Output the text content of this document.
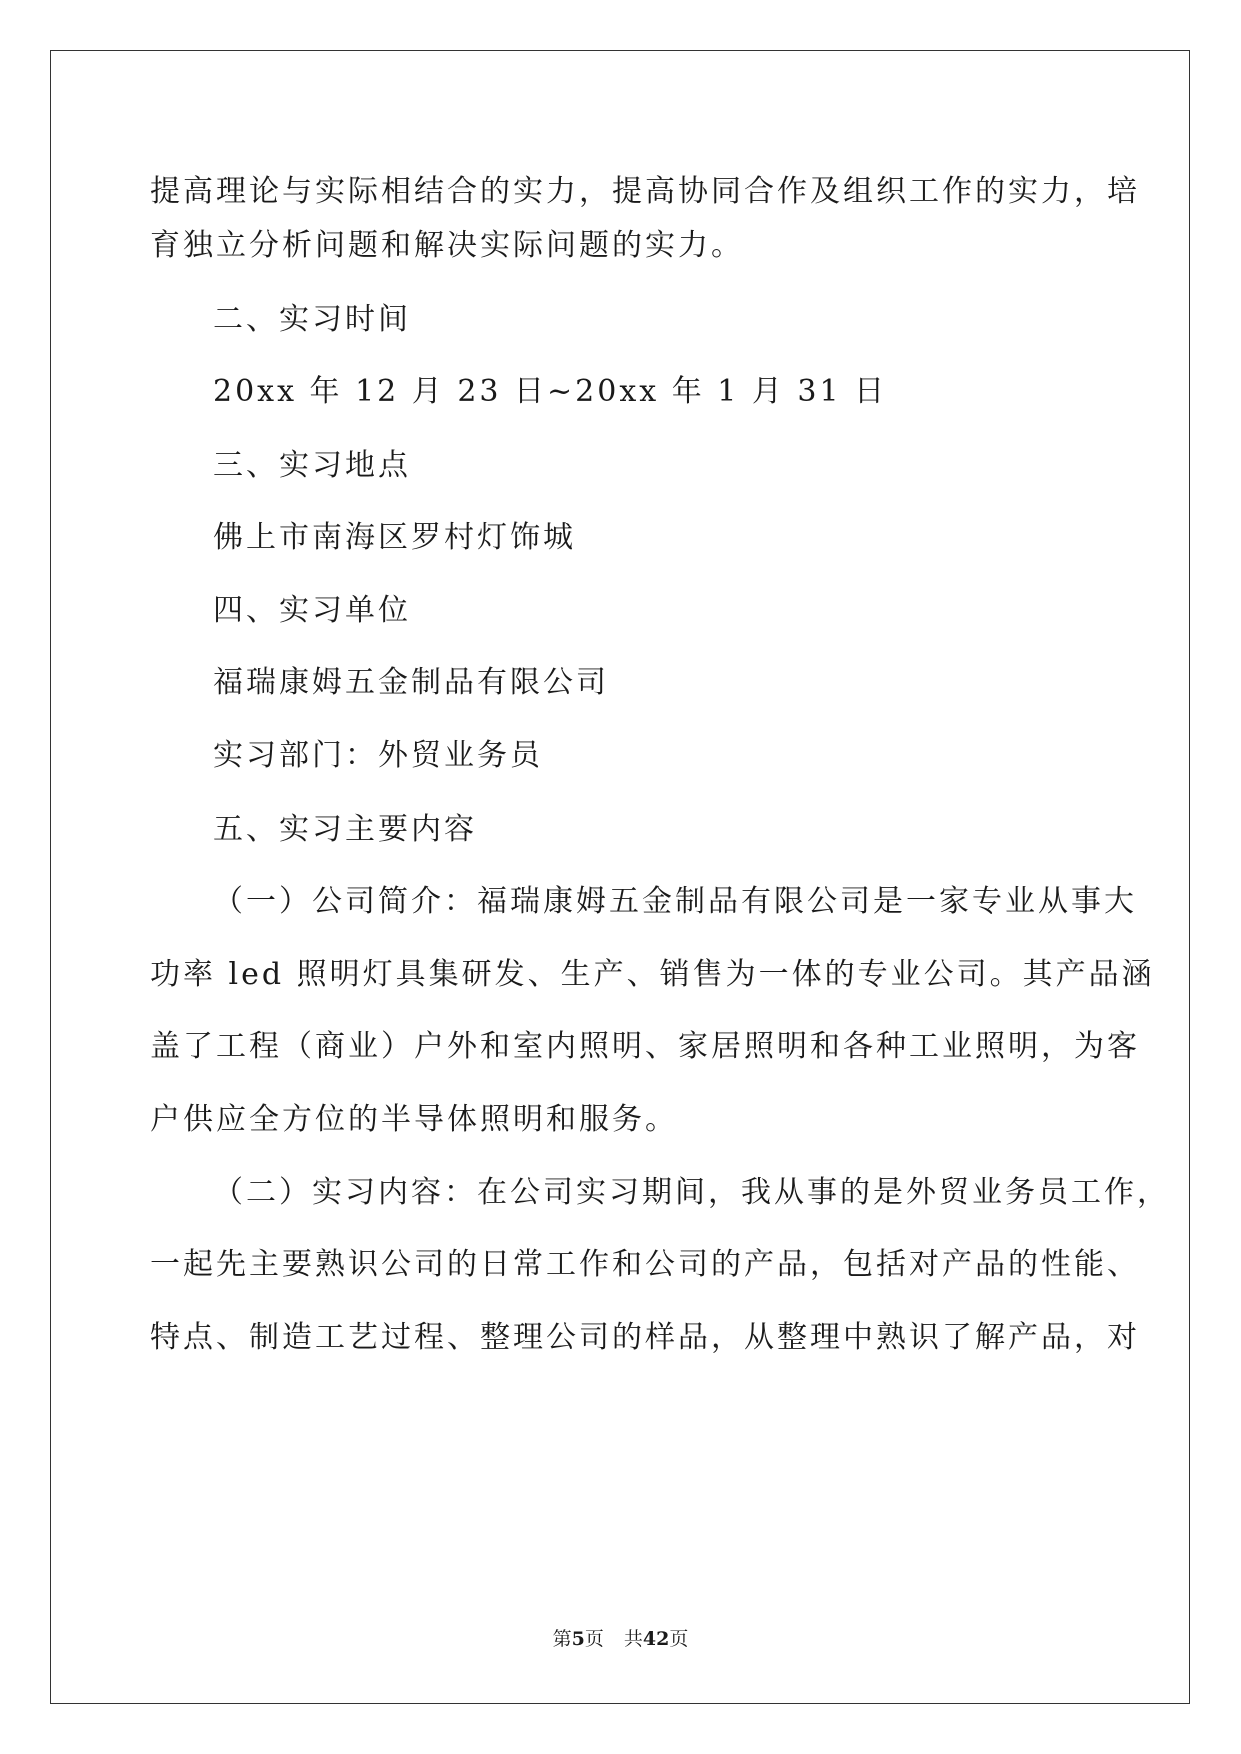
提高理论与实际相结合的实力，提高协同合作及组织工作的实力，培
育独立分析问题和解决实际问题的实力。
二、实习时间
20xx 年 12 月 23 日~20xx 年 1 月 31 日
三、实习地点
佛上市南海区罗村灯饰城
四、实习单位
福瑞康姆五金制品有限公司
实习部门：外贸业务员
五、实习主要内容
（一）公司简介：福瑞康姆五金制品有限公司是一家专业从事大
功率 led 照明灯具集研发、生产、销售为一体的专业公司。其产品涵
盖了工程（商业）户外和室内照明、家居照明和各种工业照明，为客
户供应全方位的半导体照明和服务。
（二）实习内容：在公司实习期间，我从事的是外贸业务员工作，
一起先主要熟识公司的日常工作和公司的产品，包括对产品的性能、
特点、制造工艺过程、整理公司的样品，从整理中熟识了解产品，对
第5页 共42页
